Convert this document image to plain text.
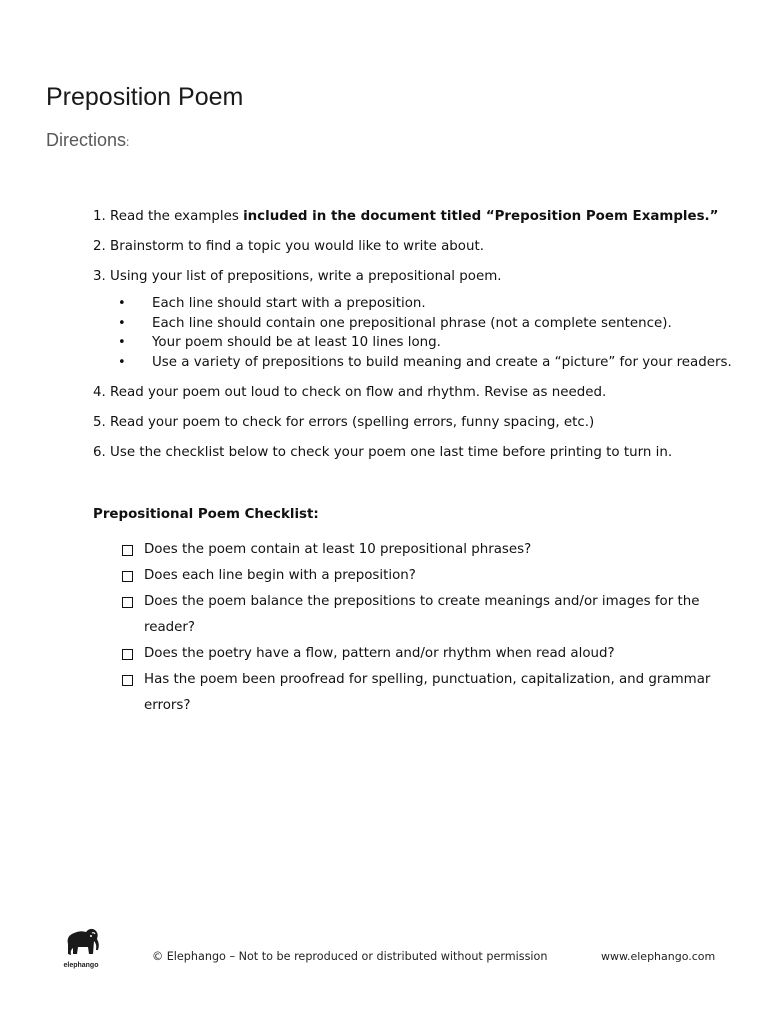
Preposition Poem

Directions:

1. Read the examples included in the document titled “Preposition Poem Examples.”

2. Brainstorm to find a topic you would like to write about.

3. Using your list of prepositions, write a prepositional poem.

• Each line should start with a preposition.
• Each line should contain one prepositional phrase (not a complete sentence).
• Your poem should be at least 10 lines long.
• Use a variety of prepositions to build meaning and create a “picture” for your readers.

4. Read your poem out loud to check on flow and rhythm. Revise as needed.

5. Read your poem to check for errors (spelling errors, funny spacing, etc.)

6. Use the checklist below to check your poem one last time before printing to turn in.

Prepositional Poem Checklist:

Does the poem contain at least 10 prepositional phrases?
Does each line begin with a preposition?
Does the poem balance the prepositions to create meanings and/or images for the reader?
Does the poetry have a flow, pattern and/or rhythm when read aloud?
Has the poem been proofread for spelling, punctuation, capitalization, and grammar errors?
elephango

© Elephango – Not to be reproduced or distributed without permission	www.elephango.com
